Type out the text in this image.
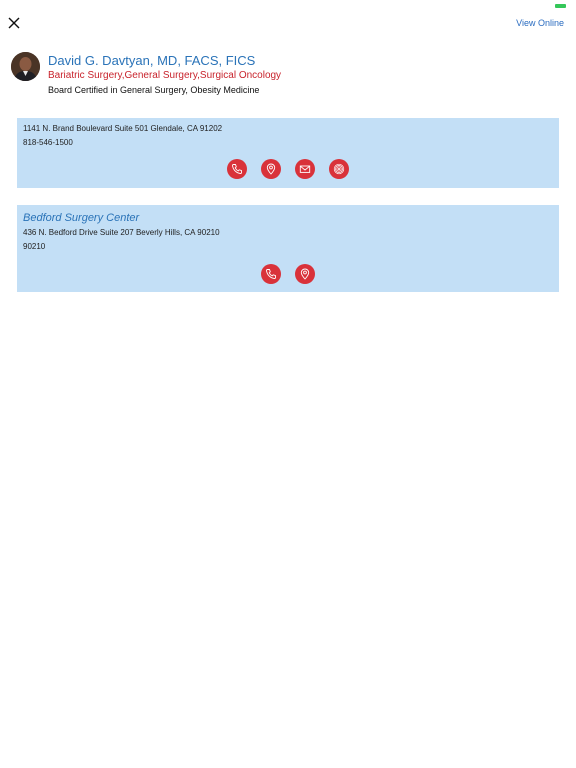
View Online
David G. Davtyan, MD, FACS, FICS
Bariatric Surgery,General Surgery,Surgical Oncology
Board Certified in General Surgery, Obesity Medicine
1141 N. Brand Boulevard Suite 501 Glendale, CA 91202
818-546-1500
Bedford Surgery Center
436 N. Bedford Drive Suite 207 Beverly Hills, CA 90210
90210
